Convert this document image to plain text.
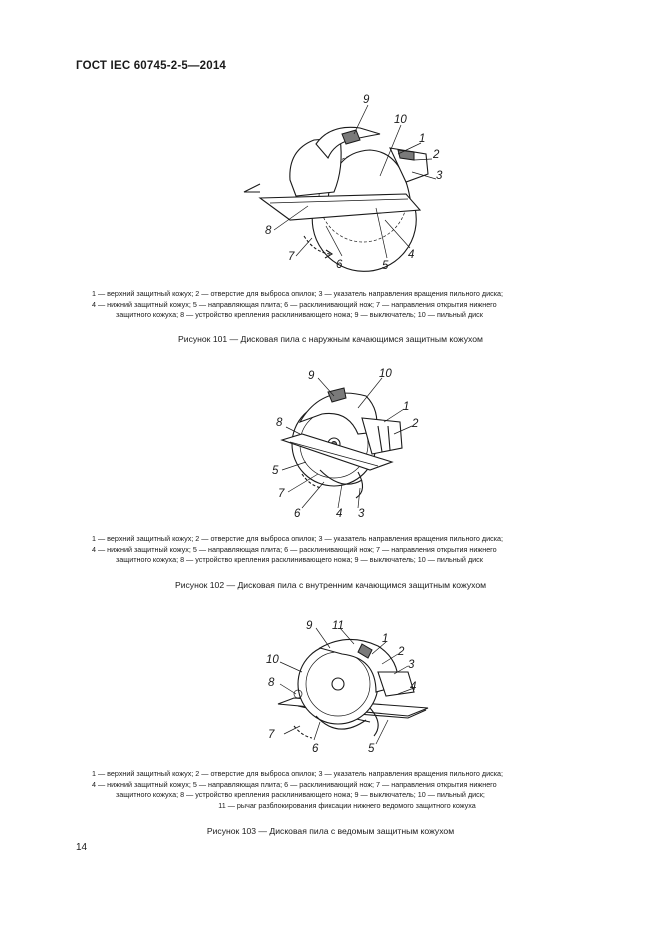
ГОСТ IEC 60745-2-5—2014
9
10
1
2
3
4
5
6
7
8
1 — верхний защитный кожух; 2 — отверстие для выброса опилок; 3 — указатель направления вращения пильного диска;
4 — нижний защитный кожух; 5 — направляющая плита; 6 — расклинивающий нож; 7 — направления открытия нижнего
защитного кожуха; 8 — устройство крепления расклинивающего ножа; 9 — выключатель; 10 — пильный диск
Рисунок 101 — Дисковая пила с наружным качающимся защитным кожухом
9	10
1
2
8
5
7
6	4 3
1 — верхний защитный кожух; 2 — отверстие для выброса опилок; 3 — указатель направления вращения пильного диска;
4 — нижний защитный кожух; 5 — направляющая плита; 6 — расклинивающий нож; 7 — направления открытия нижнего
защитного кожуха; 8 — устройство крепления расклинивающего ножа; 9 — выключатель; 10 — пильный диск
Рисунок 102 — Дисковая пила с внутренним качающимся защитным кожухом
9 11
1
2
3
4
10
8
7
6	5
1 — верхний защитный кожух; 2 — отверстие для выброса опилок; 3 — указатель направления вращения пильного диска;
4 — нижний защитный кожух; 5 — направляющая плита; 6 — расклинивающий нож; 7 — направления открытия нижнего
защитного кожуха; 8 — устройство крепления расклинивающего ножа; 9 — выключатель; 10 — пильный диск;
11 — рычаг разблокирования фиксации нижнего ведомого защитного кожуха
Рисунок 103 — Дисковая пила с ведомым защитным кожухом
14
